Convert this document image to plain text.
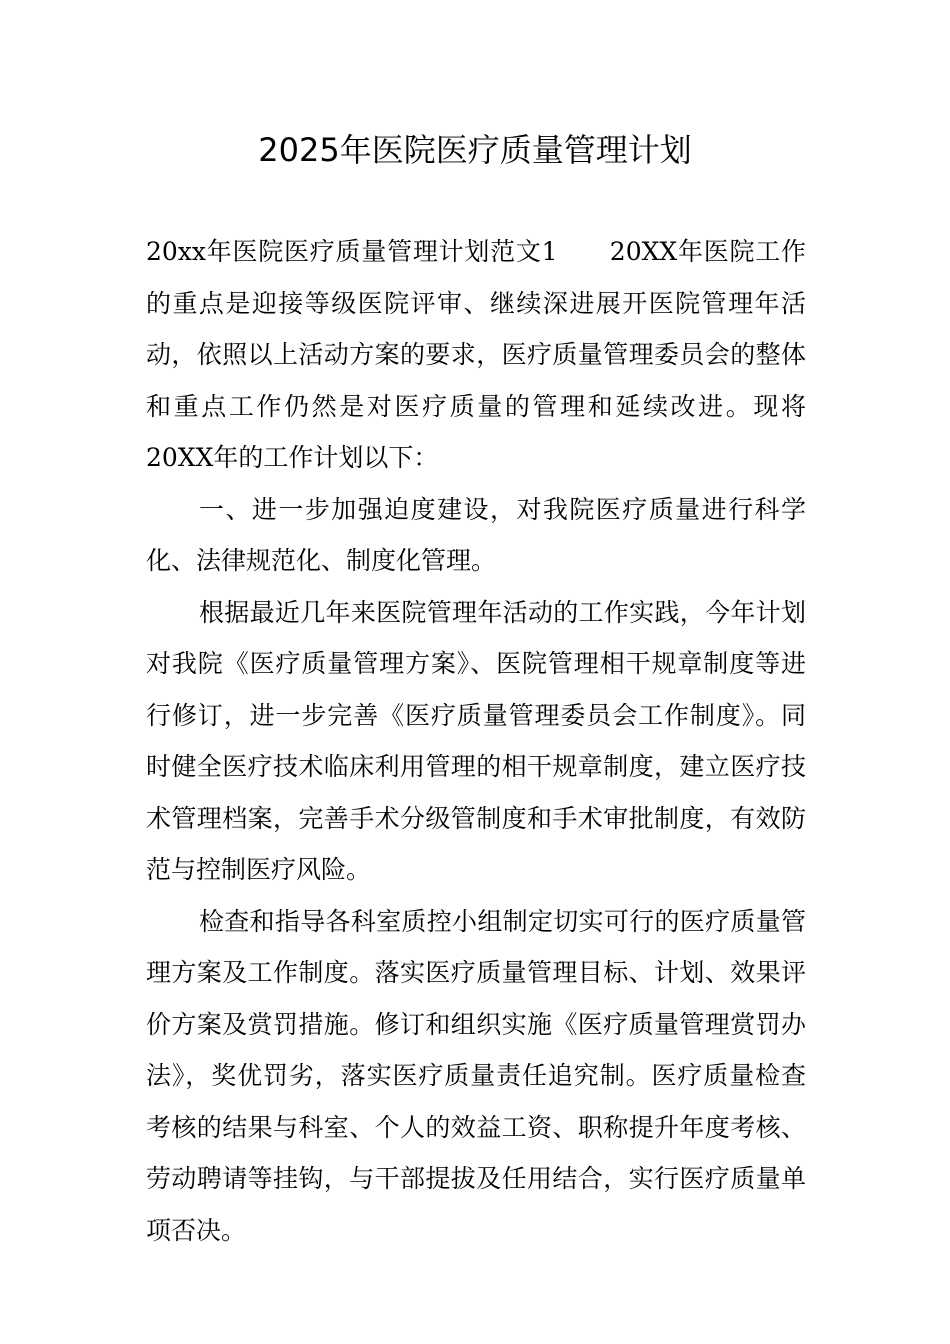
2025年医院医疗质量管理计划

20xx年医院医疗质量管理计划范文1　　20XX年医院工作的重点是迎接等级医院评审、继续深进展开医院管理年活动，依照以上活动方案的要求，医疗质量管理委员会的整体和重点工作仍然是对医疗质量的管理和延续改进。现将20XX年的工作计划以下：

一、进一步加强迫度建设，对我院医疗质量进行科学化、法律规范化、制度化管理。

根据最近几年来医院管理年活动的工作实践，今年计划对我院《医疗质量管理方案》、医院管理相干规章制度等进行修订，进一步完善《医疗质量管理委员会工作制度》。同时健全医疗技术临床利用管理的相干规章制度，建立医疗技术管理档案，完善手术分级管制度和手术审批制度，有效防范与控制医疗风险。

检查和指导各科室质控小组制定切实可行的医疗质量管理方案及工作制度。落实医疗质量管理目标、计划、效果评价方案及赏罚措施。修订和组织实施《医疗质量管理赏罚办法》，奖优罚劣，落实医疗质量责任追究制。医疗质量检查考核的结果与科室、个人的效益工资、职称提升年度考核、劳动聘请等挂钩，与干部提拔及任用结合，实行医疗质量单项否决。
